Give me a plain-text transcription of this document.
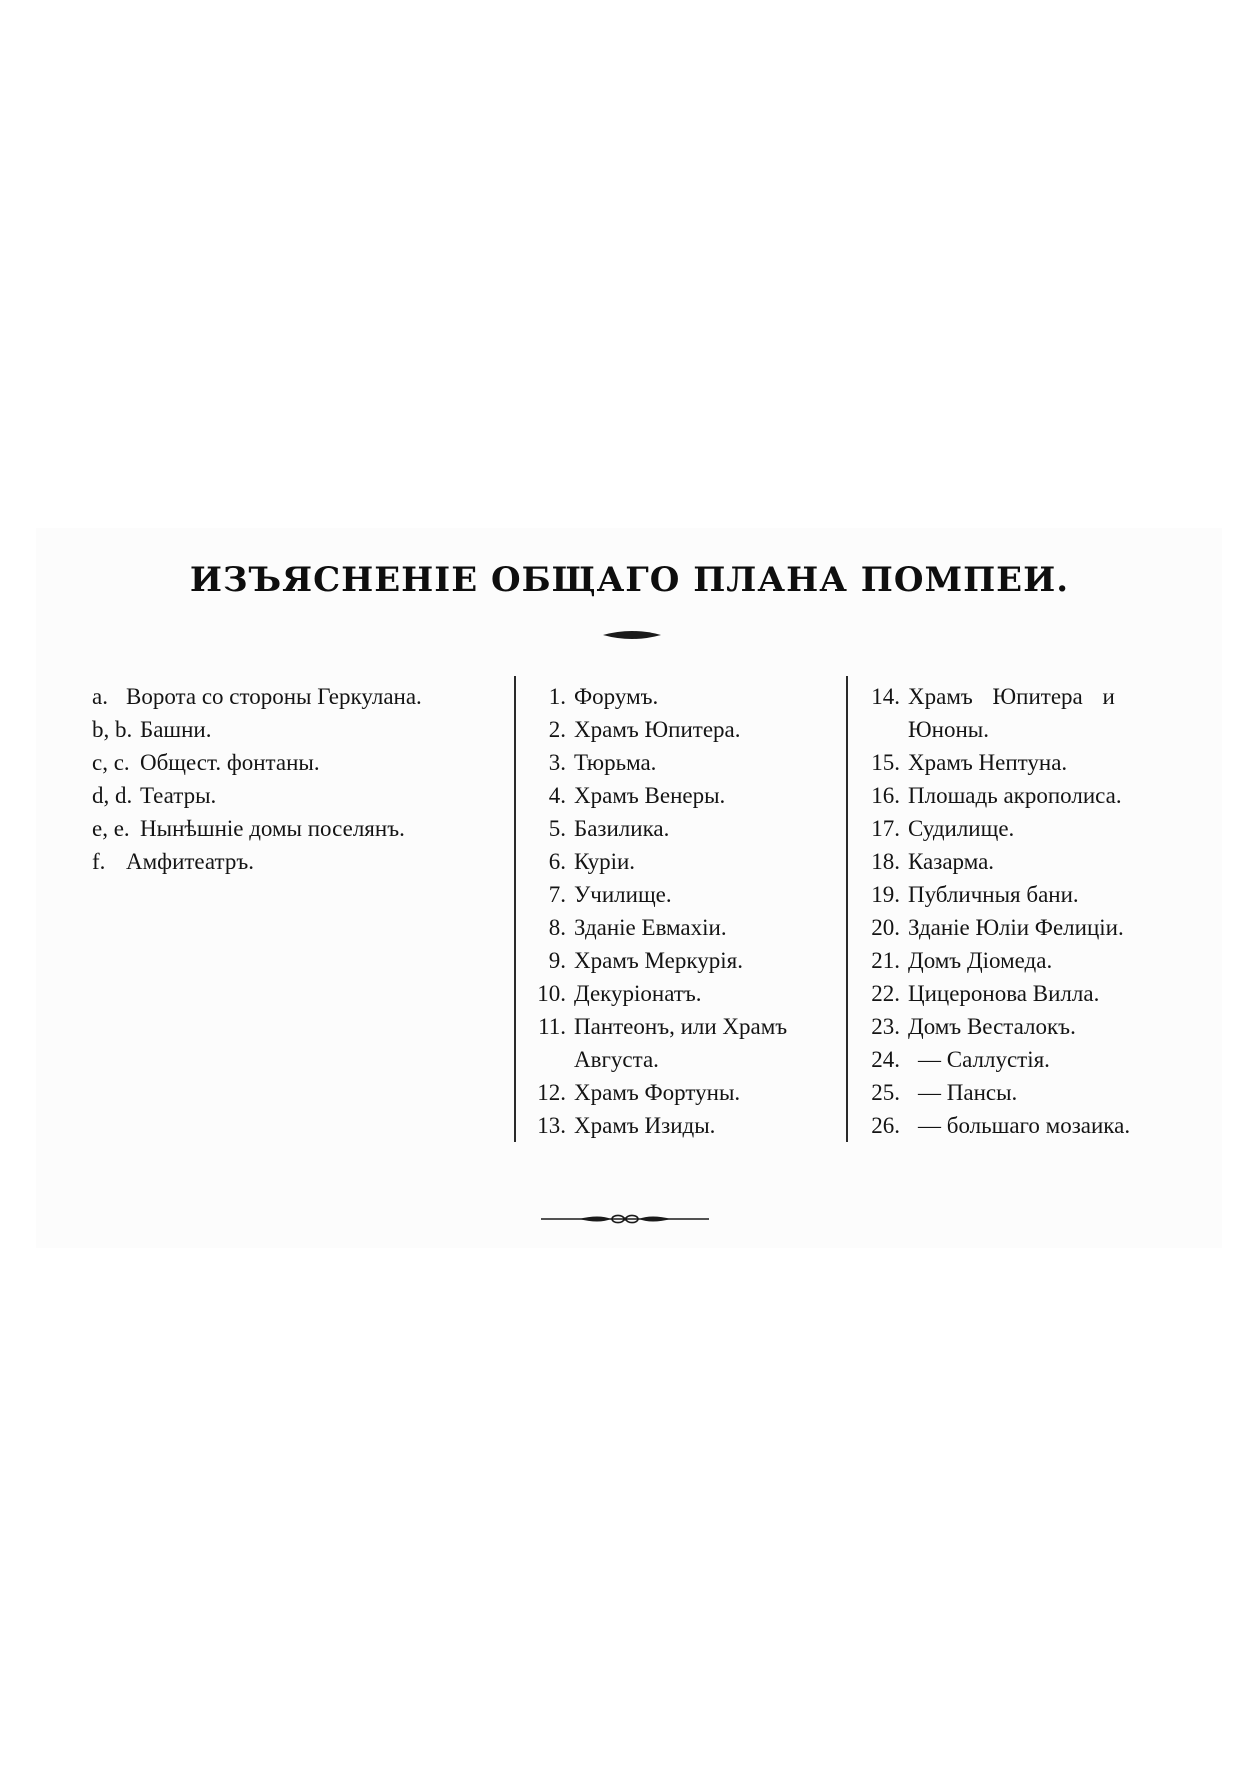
ИЗЪЯСНЕНІЕ ОБЩАГО ПЛАНА ПОМПЕИ.
a. Ворота со стороны Геркулана.
b, b. Башни.
c, c. Общест. фонтаны.
d, d. Театры.
e, e. Нынѣшніе домы поселянъ.
f. Амфитеатръ.
1. Форумъ.
2. Храмъ Юпитера.
3. Тюрьма.
4. Храмъ Венеры.
5. Базилика.
6. Куріи.
7. Училище.
8. Зданіе Евмахіи.
9. Храмъ Меркурія.
10. Декуріонатъ.
11. Пантеонъ, или Храмъ
Августа.
12. Храмъ Фортуны.
13. Храмъ Изиды.
14. Храмъ Юпитера и
Юноны.
15. Храмъ Нептуна.
16. Плошадь акрополиса.
17. Судилище.
18. Казарма.
19. Публичныя бани.
20. Зданіе Юліи Фелиціи.
21. Домъ Діомеда.
22. Цицеронова Вилла.
23. Домъ Весталокъ.
24. — Саллустія.
25. — Пансы.
26. — большаго мозаика.
